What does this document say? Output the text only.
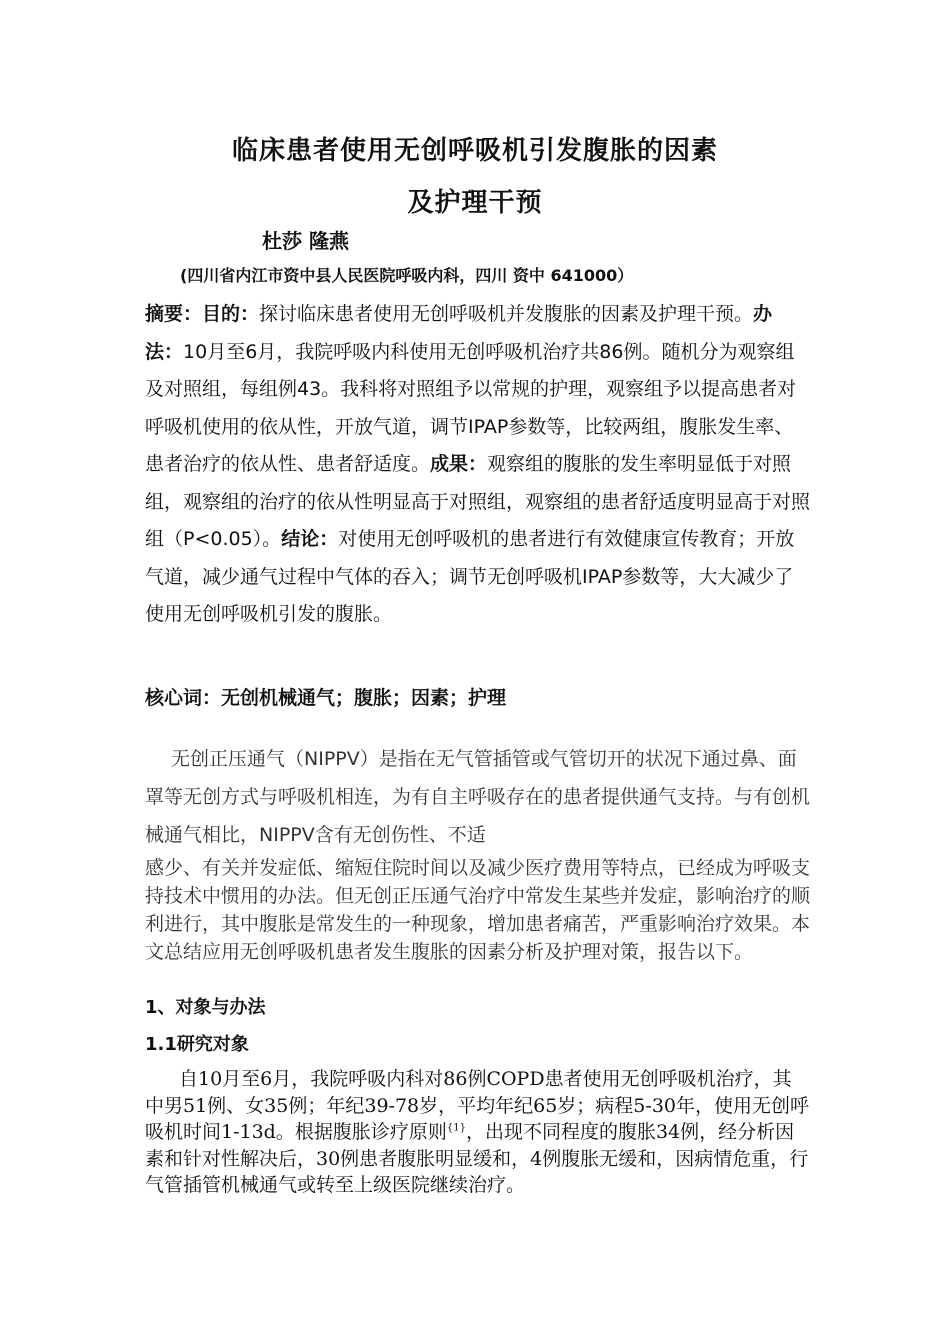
临床患者使用无创呼吸机引发腹胀的因素
及护理干预

杜莎 隆燕

(四川省内江市资中县人民医院呼吸内科，四川 资中 641000）

摘要：目的：探讨临床患者使用无创呼吸机并发腹胀的因素及护理干预。办法：10月至6月，我院呼吸内科使用无创呼吸机治疗共86例。随机分为观察组及对照组，每组例43。我科将对照组予以常规的护理，观察组予以提高患者对呼吸机使用的依从性，开放气道，调节IPAP参数等，比较两组，腹胀发生率、患者治疗的依从性、患者舒适度。成果：观察组的腹胀的发生率明显低于对照组，观察组的治疗的依从性明显高于对照组，观察组的患者舒适度明显高于对照组（P<0.05）。结论：对使用无创呼吸机的患者进行有效健康宣传教育；开放气道，减少通气过程中气体的吞入；调节无创呼吸机IPAP参数等，大大减少了使用无创呼吸机引发的腹胀。

核心词：无创机械通气；腹胀；因素；护理

无创正压通气（NIPPV）是指在无气管插管或气管切开的状况下通过鼻、面罩等无创方式与呼吸机相连，为有自主呼吸存在的患者提供通气支持。与有创机械通气相比，NIPPV含有无创伤性、不适

感少、有关并发症低、缩短住院时间以及减少医疗费用等特点，已经成为呼吸支持技术中惯用的办法。但无创正压通气治疗中常发生某些并发症，影响治疗的顺利进行，其中腹胀是常发生的一种现象，增加患者痛苦，严重影响治疗效果。本文总结应用无创呼吸机患者发生腹胀的因素分析及护理对策，报告以下。

1、对象与办法

1.1研究对象

自10月至6月，我院呼吸内科对86例COPD患者使用无创呼吸机治疗，其中男51例、女35例；年纪39-78岁，平均年纪65岁；病程5-30年，使用无创呼吸机时间1-13d。根据腹胀诊疗原则$^{\{1\}}$，出现不同程度的腹胀34例，经分析因素和针对性解决后，30例患者腹胀明显缓和，4例腹胀无缓和，因病情危重，行气管插管机械通气或转至上级医院继续治疗。
